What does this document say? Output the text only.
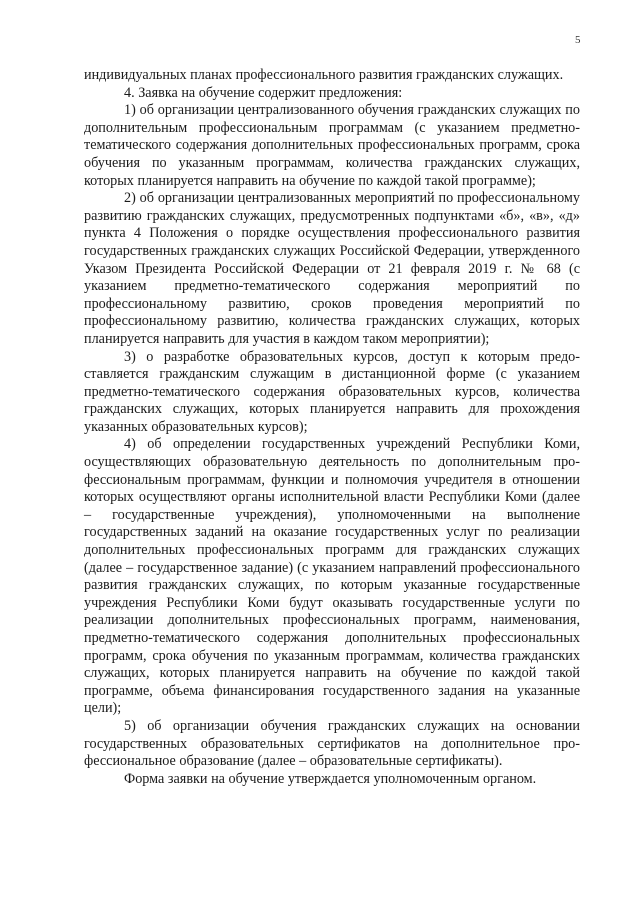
5

индивидуальных планах профессионального развития гражданских служащих.

4. Заявка на обучение содержит предложения:

1) об организации централизованного обучения гражданских служащих по дополнительным профессиональным программам (с указанием предметно-тематического содержания дополнительных профессиональных программ, срока обучения по указанным программам, количества гражданских служащих, которых планируется направить на обучение по каждой такой программе);

2) об организации централизованных мероприятий по профессиональному развитию гражданских служащих, предусмотренных подпунктами «б», «в», «д» пункта 4 Положения о порядке осуществления профессионального развития государственных гражданских служащих Российской Федерации, утвержденного Указом Президента Российской Федерации от 21 февраля 2019 г. № 68 (с указанием предметно-тематического содержания мероприятий по профессиональному развитию, сроков проведения мероприятий по профессиональному развитию, количества гражданских служащих, которых планируется направить для участия в каждом таком мероприятии);

3) о разработке образовательных курсов, доступ к которым предоставляется гражданским служащим в дистанционной форме (с указанием предметно-тематического содержания образовательных курсов, количества гражданских служащих, которых планируется направить для прохождения указанных образовательных курсов);

4) об определении государственных учреждений Республики Коми, осуществляющих образовательную деятельность по дополнительным профессиональным программам, функции и полномочия учредителя в отношении которых осуществляют органы исполнительной власти Республики Коми (далее – государственные учреждения), уполномоченными на выполнение государственных заданий на оказание государственных услуг по реализации дополнительных профессиональных программ для гражданских служащих (далее – государственное задание) (с указанием направлений профессионального развития гражданских служащих, по которым указанные государственные учреждения Республики Коми будут оказывать государственные услуги по реализации дополнительных профессиональных программ, наименования, предметно-тематического содержания дополнительных профессиональных программ, срока обучения по указанным программам, количества гражданских служащих, которых планируется направить на обучение по каждой такой программе, объема финансирования государственного задания на указанные цели);

5) об организации обучения гражданских служащих на основании государственных образовательных сертификатов на дополнительное профессиональное образование (далее – образовательные сертификаты).

Форма заявки на обучение утверждается уполномоченным органом.
